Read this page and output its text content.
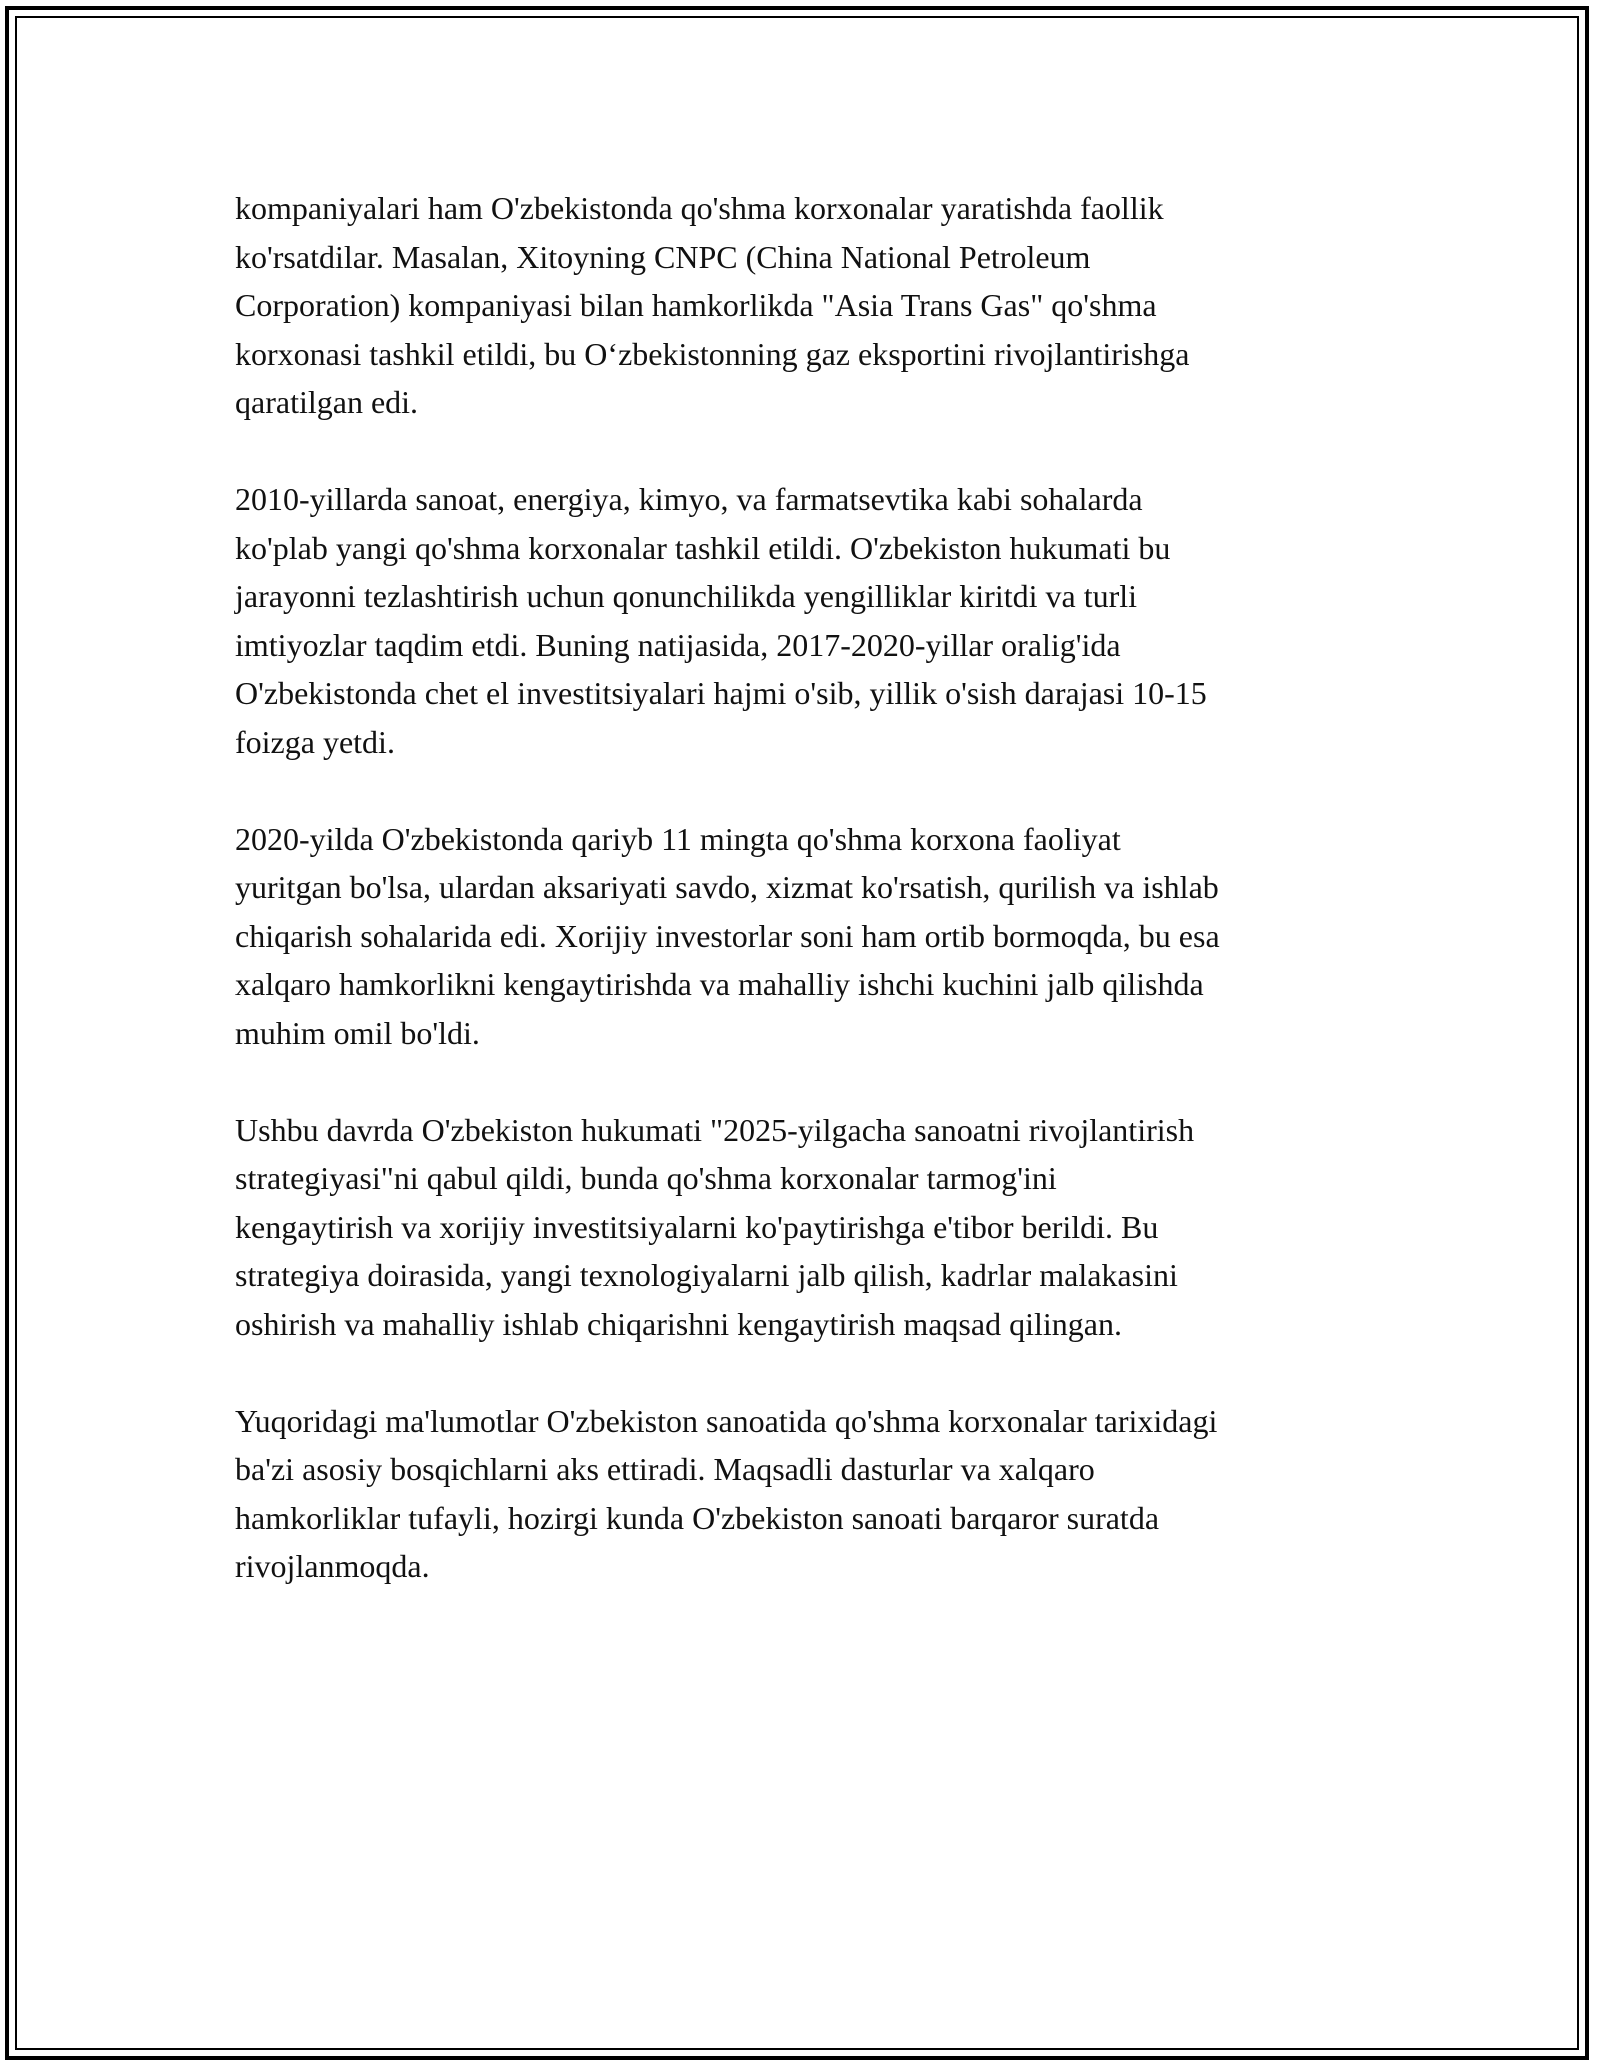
kompaniyalari ham O'zbekistonda qo'shma korxonalar yaratishda faollik
ko'rsatdilar. Masalan, Xitoyning CNPC (China National Petroleum
Corporation) kompaniyasi bilan hamkorlikda "Asia Trans Gas" qo'shma
korxonasi tashkil etildi, bu O‘zbekistonning gaz eksportini rivojlantirishga
qaratilgan edi.

2010-yillarda sanoat, energiya, kimyo, va farmatsevtika kabi sohalarda
ko'plab yangi qo'shma korxonalar tashkil etildi. O'zbekiston hukumati bu
jarayonni tezlashtirish uchun qonunchilikda yengilliklar kiritdi va turli
imtiyozlar taqdim etdi. Buning natijasida, 2017-2020-yillar oralig'ida
O'zbekistonda chet el investitsiyalari hajmi o'sib, yillik o'sish darajasi 10-15
foizga yetdi.

2020-yilda O'zbekistonda qariyb 11 mingta qo'shma korxona faoliyat
yuritgan bo'lsa, ulardan aksariyati savdo, xizmat ko'rsatish, qurilish va ishlab
chiqarish sohalarida edi. Xorijiy investorlar soni ham ortib bormoqda, bu esa
xalqaro hamkorlikni kengaytirishda va mahalliy ishchi kuchini jalb qilishda
muhim omil bo'ldi.

Ushbu davrda O'zbekiston hukumati "2025-yilgacha sanoatni rivojlantirish
strategiyasi"ni qabul qildi, bunda qo'shma korxonalar tarmog'ini
kengaytirish va xorijiy investitsiyalarni ko'paytirishga e'tibor berildi. Bu
strategiya doirasida, yangi texnologiyalarni jalb qilish, kadrlar malakasini
oshirish va mahalliy ishlab chiqarishni kengaytirish maqsad qilingan.

Yuqoridagi ma'lumotlar O'zbekiston sanoatida qo'shma korxonalar tarixidagi
ba'zi asosiy bosqichlarni aks ettiradi. Maqsadli dasturlar va xalqaro
hamkorliklar tufayli, hozirgi kunda O'zbekiston sanoati barqaror suratda
rivojlanmoqda.
